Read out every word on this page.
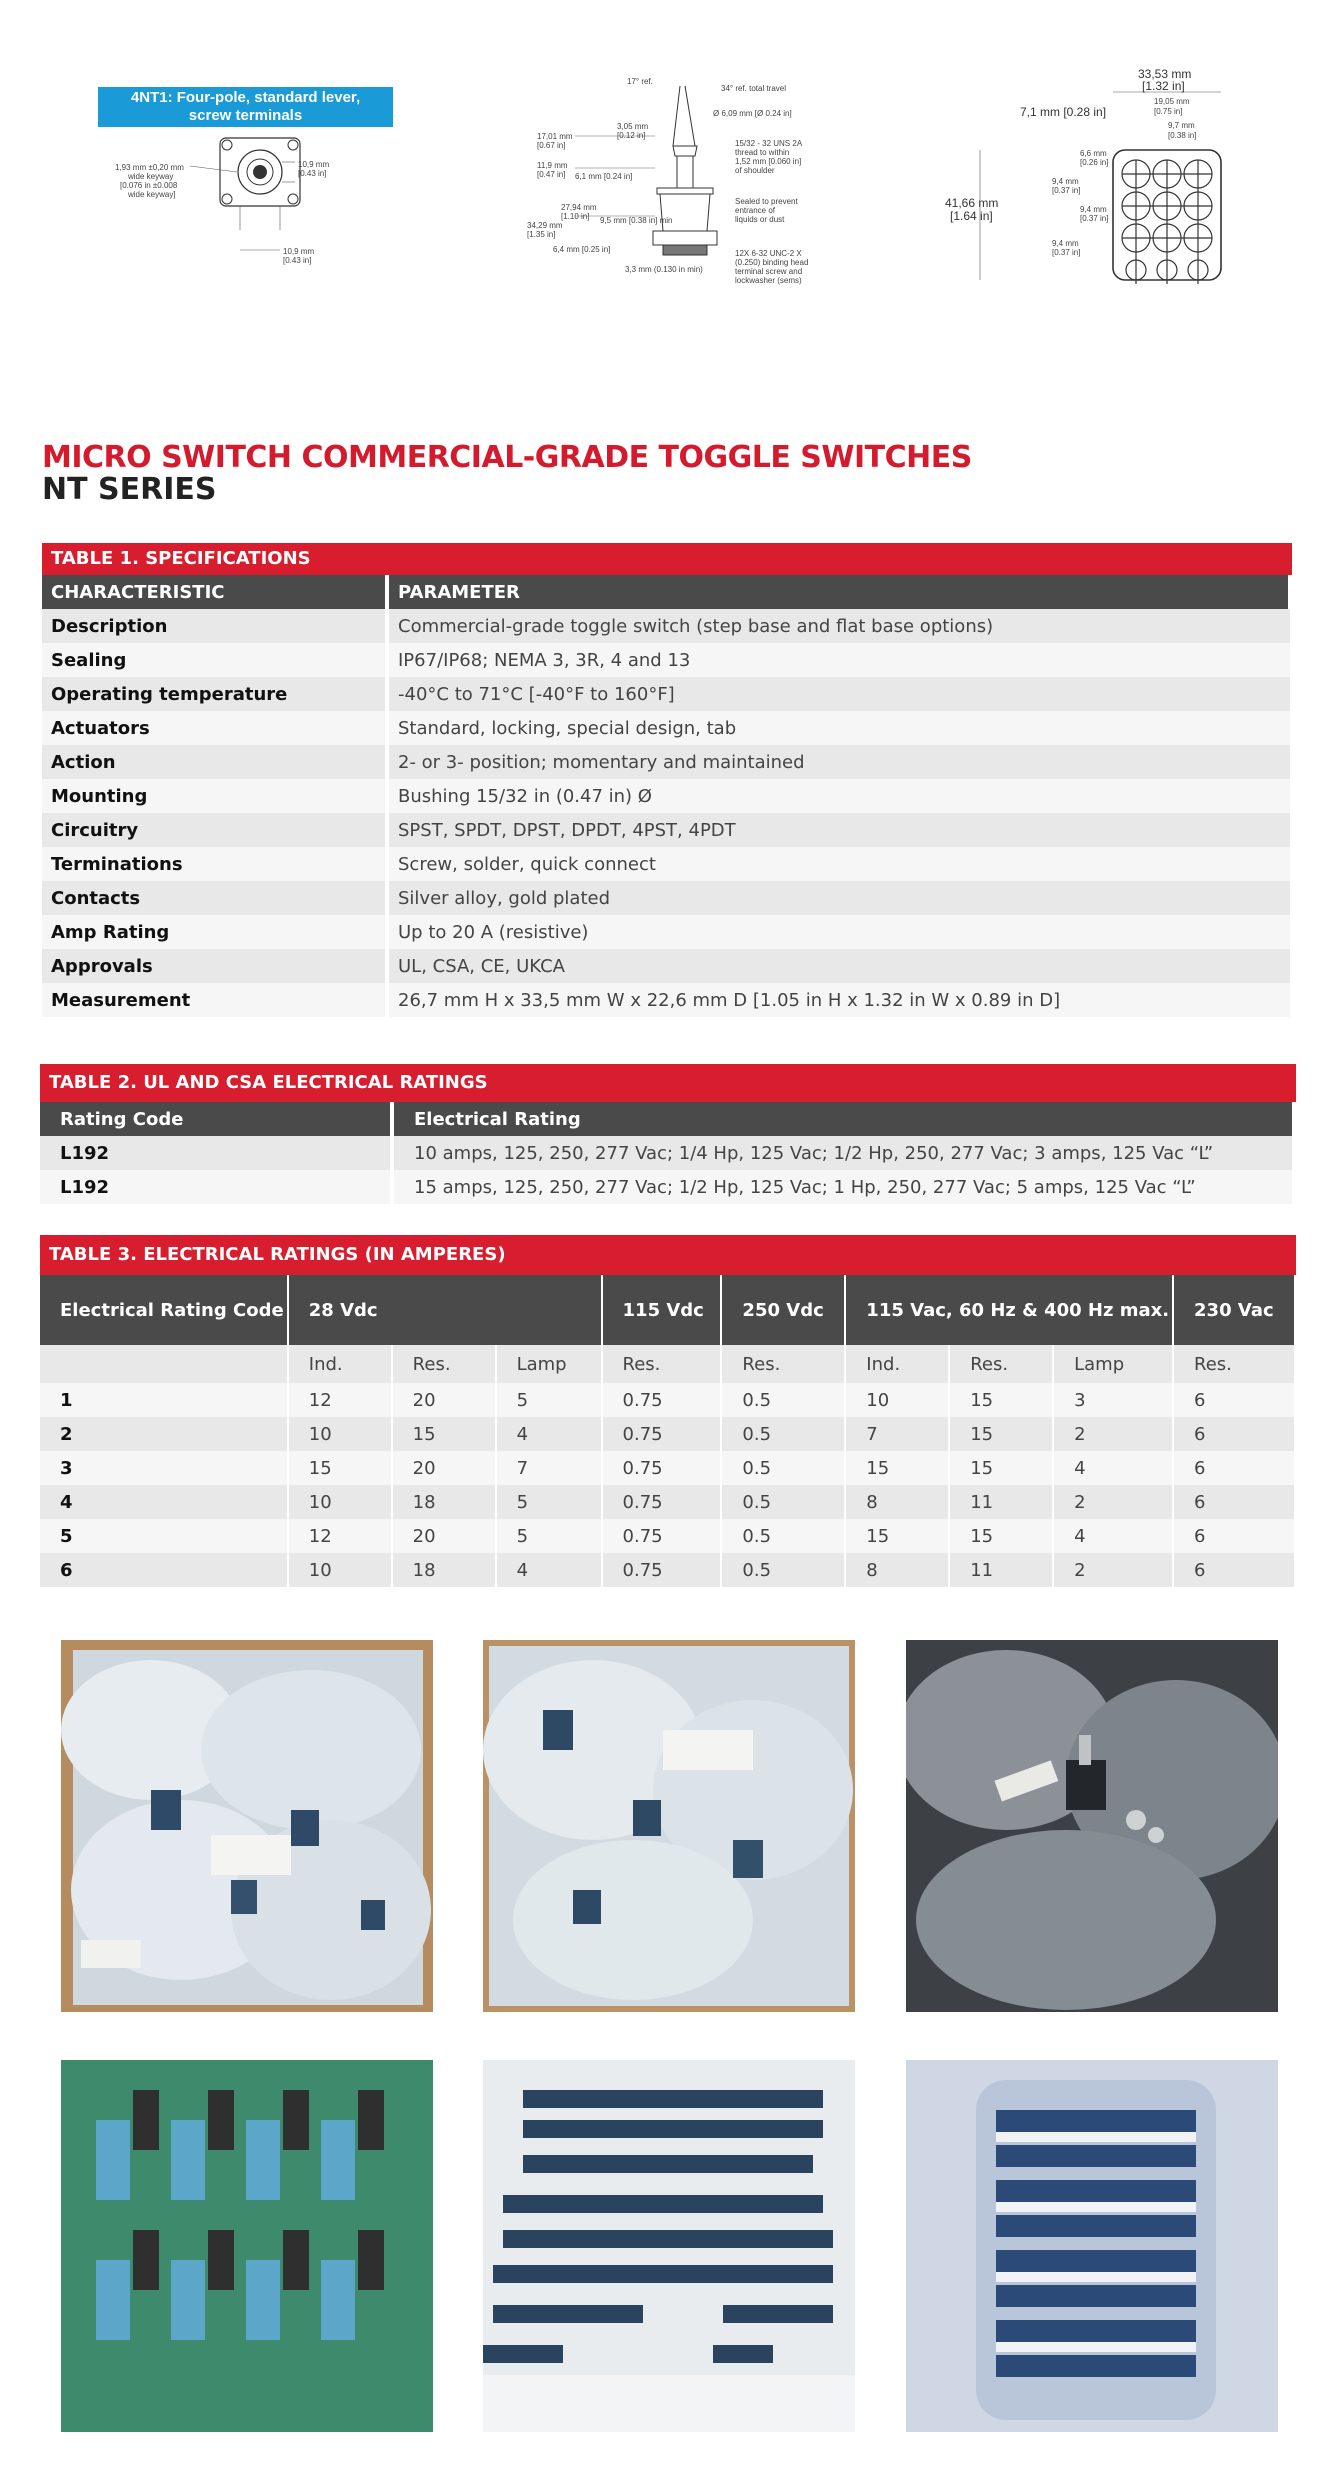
4NT1: Four-pole, standard lever,
screw terminals
1,93 mm ±0,20 mm
wide keyway
[0.076 in ±0.008
wide keyway]
10,9 mm
[0.43 in]
10,9 mm
[0.43 in]
17° ref.
34° ref. total travel
Ø 6,09 mm [Ø 0.24 in]
3,05 mm
[0.12 in]
17,01 mm
[0.67 in]
11,9 mm
[0.47 in] 6,1 mm [0.24 in]
27,94 mm
[1.10 in]
34,29 mm
[1.35 in]
6,4 mm [0.25 in]
9,5 mm [0.38 in] min
3,3 mm (0.130 in min)
15/32 - 32 UNS 2A
thread to within
1,52 mm [0.060 in]
of shoulder
Sealed to prevent
entrance of
liquids or dust
12X 6-32 UNC-2 X
(0.250) binding head
terminal screw and
lockwasher (sems)
33,53 mm
[1.32 in]
19,05 mm
[0.75 in]
7,1 mm [0.28 in]
9,7 mm
[0.38 in]
41,66 mm
[1.64 in]
6,6 mm
[0.26 in]
9,4 mm
[0.37 in]
9,4 mm
[0.37 in]
9,4 mm
[0.37 in]
MICRO SWITCH COMMERCIAL-GRADE TOGGLE SWITCHES
NT SERIES
TABLE 1. SPECIFICATIONS
CHARACTERISTIC	PARAMETER
Description	Commercial-grade toggle switch (step base and flat base options)
Sealing	IP67/IP68; NEMA 3, 3R, 4 and 13
Operating temperature	-40°C to 71°C [-40°F to 160°F]
Actuators	Standard, locking, special design, tab
Action	2- or 3- position; momentary and maintained
Mounting	Bushing 15/32 in (0.47 in) Ø
Circuitry	SPST, SPDT, DPST, DPDT, 4PST, 4PDT
Terminations	Screw, solder, quick connect
Contacts	Silver alloy, gold plated
Amp Rating	Up to 20 A (resistive)
Approvals	UL, CSA, CE, UKCA
Measurement	26,7 mm H x 33,5 mm W x 22,6 mm D [1.05 in H x 1.32 in W x 0.89 in D]
TABLE 2. UL AND CSA ELECTRICAL RATINGS
Rating Code	Electrical Rating
L192	10 amps, 125, 250, 277 Vac; 1/4 Hp, 125 Vac; 1/2 Hp, 250, 277 Vac; 3 amps, 125 Vac “L”
L192	15 amps, 125, 250, 277 Vac; 1/2 Hp, 125 Vac; 1 Hp, 250, 277 Vac; 5 amps, 125 Vac “L”
TABLE 3. ELECTRICAL RATINGS (IN AMPERES)
Electrical Rating Code	28 Vdc			115 Vdc	250 Vdc	115 Vac, 60 Hz & 400 Hz max.			230 Vac
	Ind.	Res.	Lamp	Res.	Res.	Ind.	Res.	Lamp	Res.
1	12	20	5	0.75	0.5	10	15	3	6
2	10	15	4	0.75	0.5	7	15	2	6
3	15	20	7	0.75	0.5	15	15	4	6
4	10	18	5	0.75	0.5	8	11	2	6
5	12	20	5	0.75	0.5	15	15	4	6
6	10	18	4	0.75	0.5	8	11	2	6
